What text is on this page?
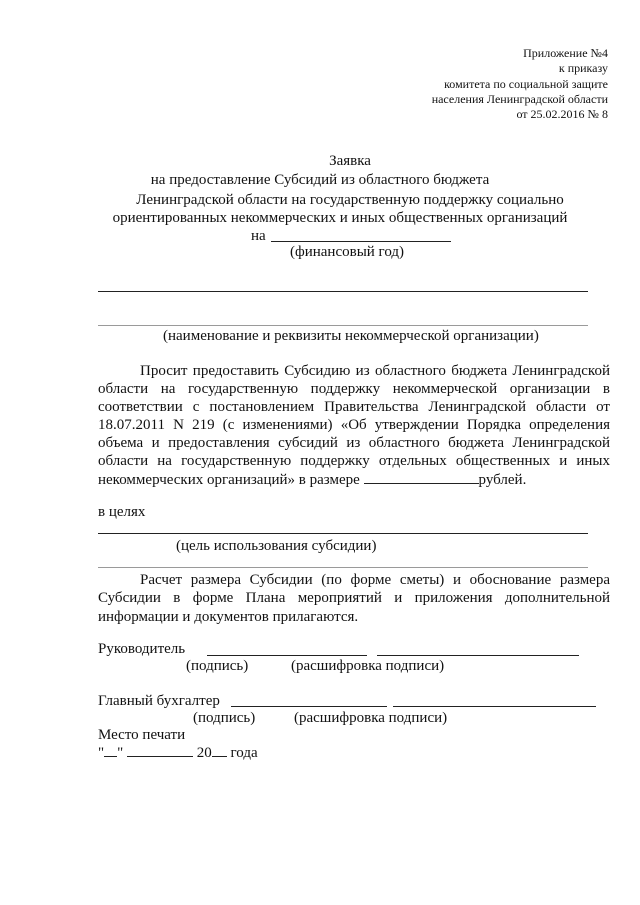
Приложение №4
к приказу
комитета по социальной защите
населения Ленинградской области
от 25.02.2016 № 8
Заявка
на предоставление Субсидий из областного бюджета
Ленинградской области на государственную поддержку социально
ориентированных некоммерческих и иных общественных организаций
на
(финансовый год)
(наименование и реквизиты некоммерческой организации)
Просит предоставить Субсидию из областного бюджета Ленинградской
области на государственную поддержку некоммерческой организации в
соответствии с постановлением Правительства Ленинградской области от
18.07.2011 N 219 (с изменениями) «Об утверждении Порядка определения
объема и предоставления субсидий из областного бюджета Ленинградской
области на государственную поддержку отдельных общественных и иных
некоммерческих организаций» в размере	рублей.
в целях
(цель использования субсидии)
Расчет размера Субсидии (по форме сметы) и обоснование размера
Субсидии в форме Плана мероприятий и приложения дополнительной
информации и документов прилагаются.
Руководитель
(подпись)	(расшифровка подписи)
Главный бухгалтер
(подпись)	(расшифровка подписи)
Место печати
" "	20 года
